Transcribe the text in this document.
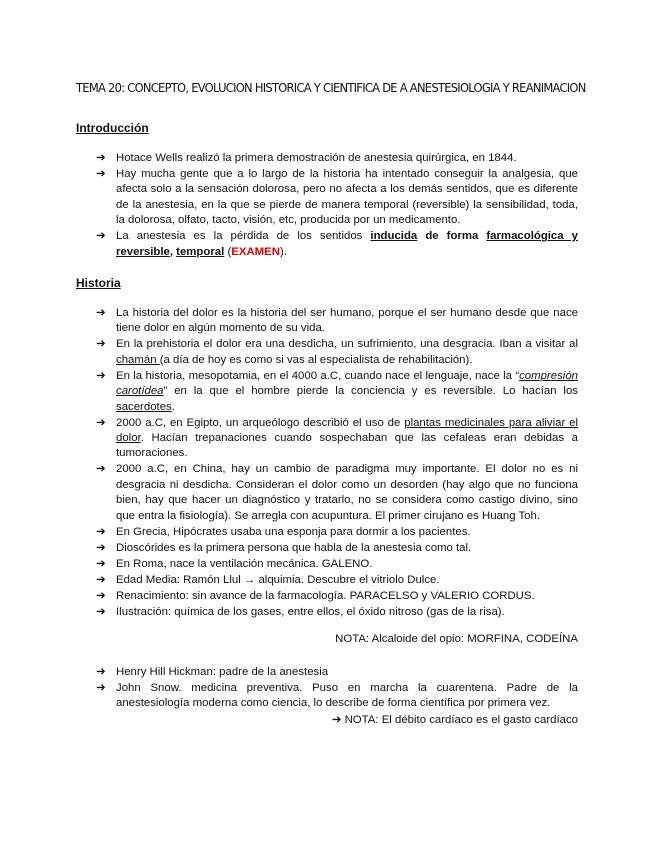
TEMA 20: CONCEPTO, EVOLUCION HISTORICA Y CIENTIFICA DE A ANESTESIOLOGIA Y REANIMACION
Introducción
➔ Hotace Wells realizó la primera demostración de anestesia quirúrgica, en 1844.
➔ Hay mucha gente que a lo largo de la historia ha intentado conseguir la analgesia, que afecta solo a la sensación dolorosa, pero no afecta a los demás sentidos, que es diferente de la anestesia, en la que se pierde de manera temporal (reversible) la sensibilidad, toda, la dolorosa, olfato, tacto, visión, etc, producida por un medicamento.
➔ La anestesia es la pérdida de los sentidos inducida de forma farmacológica y reversible, temporal (EXAMEN).
Historia
➔ La historia del dolor es la historia del ser humano, porque el ser humano desde que nace tiene dolor en algún momento de su vida.
➔ En la prehistoria el dolor era una desdicha, un sufrimiento, una desgracia. Iban a visitar al chamán (a día de hoy es como si vas al especialista de rehabilitación).
➔ En la historia, mesopotamia, en el 4000 a.C, cuando nace el lenguaje, nace la “compresión carotídea” en la que el hombre pierde la conciencia y es reversible. Lo hacían los sacerdotes.
➔ 2000 a.C, en Egipto, un arqueólogo describió el uso de plantas medicinales para aliviar el dolor. Hacían trepanaciones cuando sospechaban que las cefaleas eran debidas a tumoraciones.
➔ 2000 a.C, en China, hay un cambio de paradigma muy importante. El dolor no es ni desgracia ni desdicha. Consideran el dolor como un desorden (hay algo que no funciona bien, hay que hacer un diagnóstico y tratarlo, no se considera como castigo divino, sino que entra la fisiología). Se arregla con acupuntura. El primer cirujano es Huang Toh.
➔ En Grecia, Hipócrates usaba una esponja para dormir a los pacientes.
➔ Dioscórides es la primera persona que habla de la anestesia como tal.
➔ En Roma, nace la ventilación mecánica. GALENO.
➔ Edad Media: Ramón Llul → alquimia. Descubre el vitriolo Dulce.
➔ Renacimiento: sin avance de la farmacología. PARACELSO y VALERIO CORDUS.
➔ Ilustración: química de los gases, entre ellos, el óxido nitroso (gas de la risa).
NOTA: Alcaloide del opio: MORFINA, CODEÍNA
➔ Henry Hill Hickman: padre de la anestesia
➔ John Snow. medicina preventiva. Puso en marcha la cuarentena. Padre de la anestesiología moderna como ciencia, lo describe de forma científica por primera vez.
➔ NOTA: El débito cardíaco es el gasto cardíaco
